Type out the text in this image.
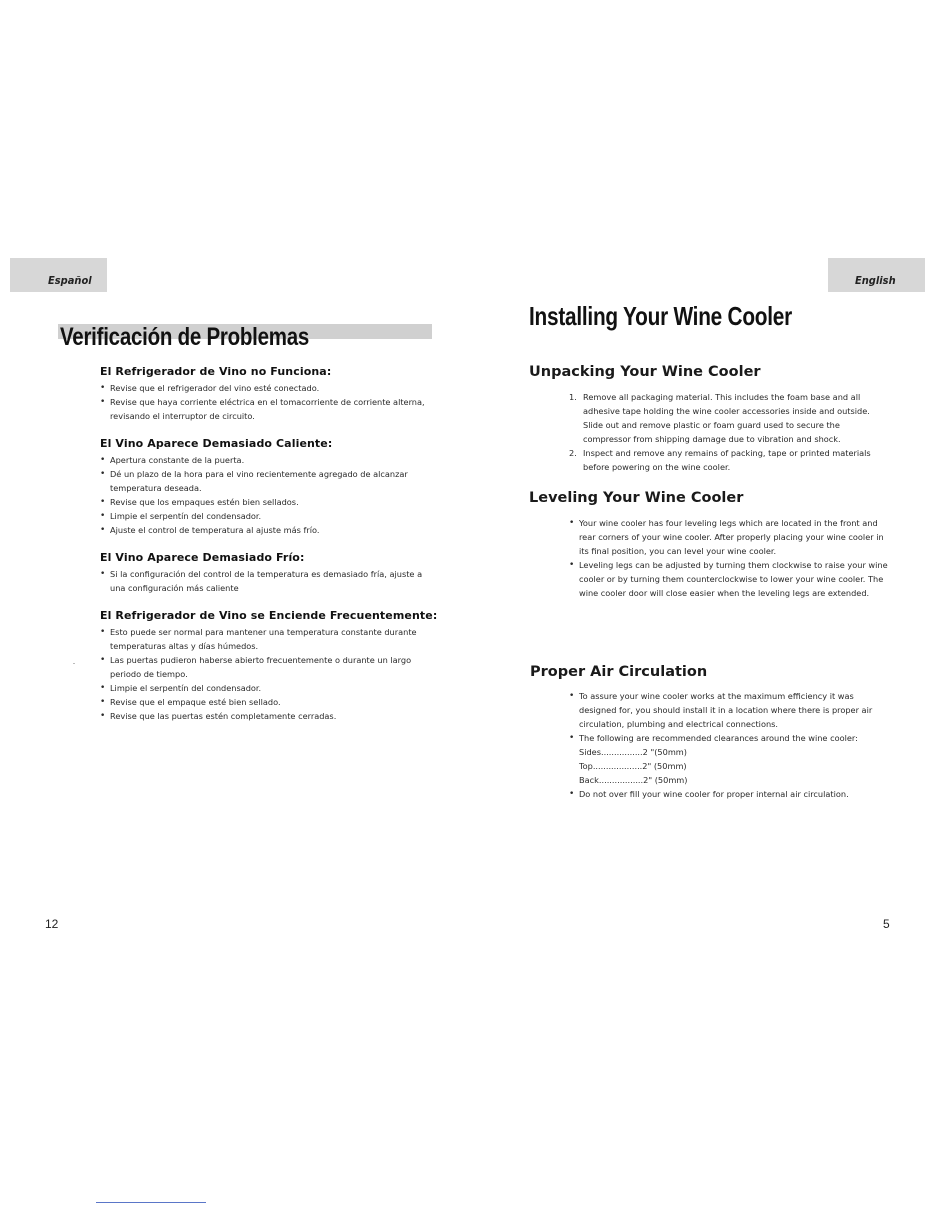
Español	English
Verificación de Problemas
El Refrigerador de Vino no Funciona:
• Revise que el refrigerador del vino esté conectado.
• Revise que haya corriente eléctrica en el tomacorriente de corriente alterna, revisando el interruptor de circuito.
El Vino Aparece Demasiado Caliente:
• Apertura constante de la puerta.
• Dé un plazo de la hora para el vino recientemente agregado de alcanzar temperatura deseada.
• Revise que los empaques estén bien sellados.
• Limpie el serpentín del condensador.
• Ajuste el control de temperatura al ajuste más frío.
El Vino Aparece Demasiado Frío:
• Si la configuración del control de la temperatura es demasiado fría, ajuste a una configuración más caliente
El Refrigerador de Vino se Enciende Frecuentemente:
• Esto puede ser normal para mantener una temperatura constante durante temperaturas altas y días húmedos.
• Las puertas pudieron haberse abierto frecuentemente o durante un largo periodo de tiempo.
• Limpie el serpentín del condensador.
• Revise que el empaque esté bien sellado.
• Revise que las puertas estén completamente cerradas.
Installing Your Wine Cooler
Unpacking Your Wine Cooler
1. Remove all packaging material. This includes the foam base and all adhesive tape holding the wine cooler accessories inside and outside. Slide out and remove plastic or foam guard used to secure the compressor from shipping damage due to vibration and shock.
2. Inspect and remove any remains of packing, tape or printed materials before powering on the wine cooler.
Leveling Your Wine Cooler
• Your wine cooler has four leveling legs which are located in the front and rear corners of your wine cooler. After properly placing your wine cooler in its final position, you can level your wine cooler.
• Leveling legs can be adjusted by turning them clockwise to raise your wine cooler or by turning them counterclockwise to lower your wine cooler. The wine cooler door will close easier when the leveling legs are extended.
Proper Air Circulation
• To assure your wine cooler works at the maximum efficiency it was designed for, you should install it in a location where there is proper air circulation, plumbing and electrical connections.
• The following are recommended clearances around the wine cooler:
Sides ................ 2 "(50mm)
Top ................... 2" (50mm)
Back ................. 2" (50mm)
• Do not over fill your wine cooler for proper internal air circulation.
12	5
